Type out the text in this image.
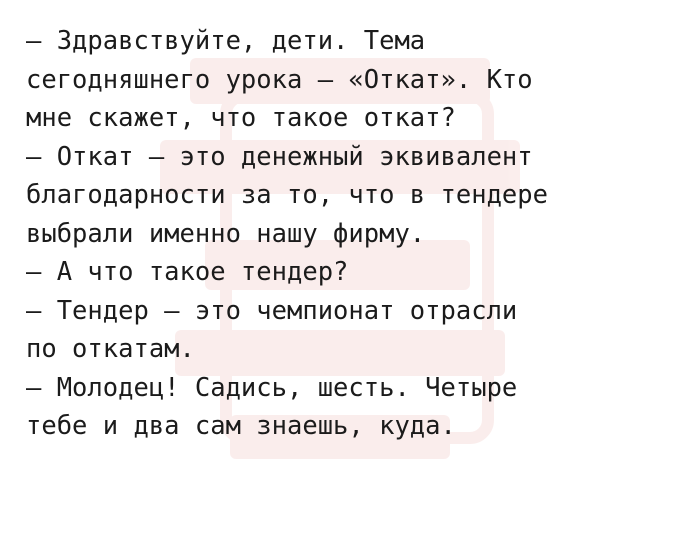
— Здравствуйте, дети. Тема
сегодняшнего урока — «Откат». Кто
мне скажет, что такое откат?
— Откат — это денежный эквивалент
благодарности за то, что в тендере
выбрали именно нашу фирму.
— А что такое тендер?
— Тендер — это чемпионат отрасли
по откатам.
— Молодец! Садись, шесть. Четыре
тебе и два сам знаешь, куда.
